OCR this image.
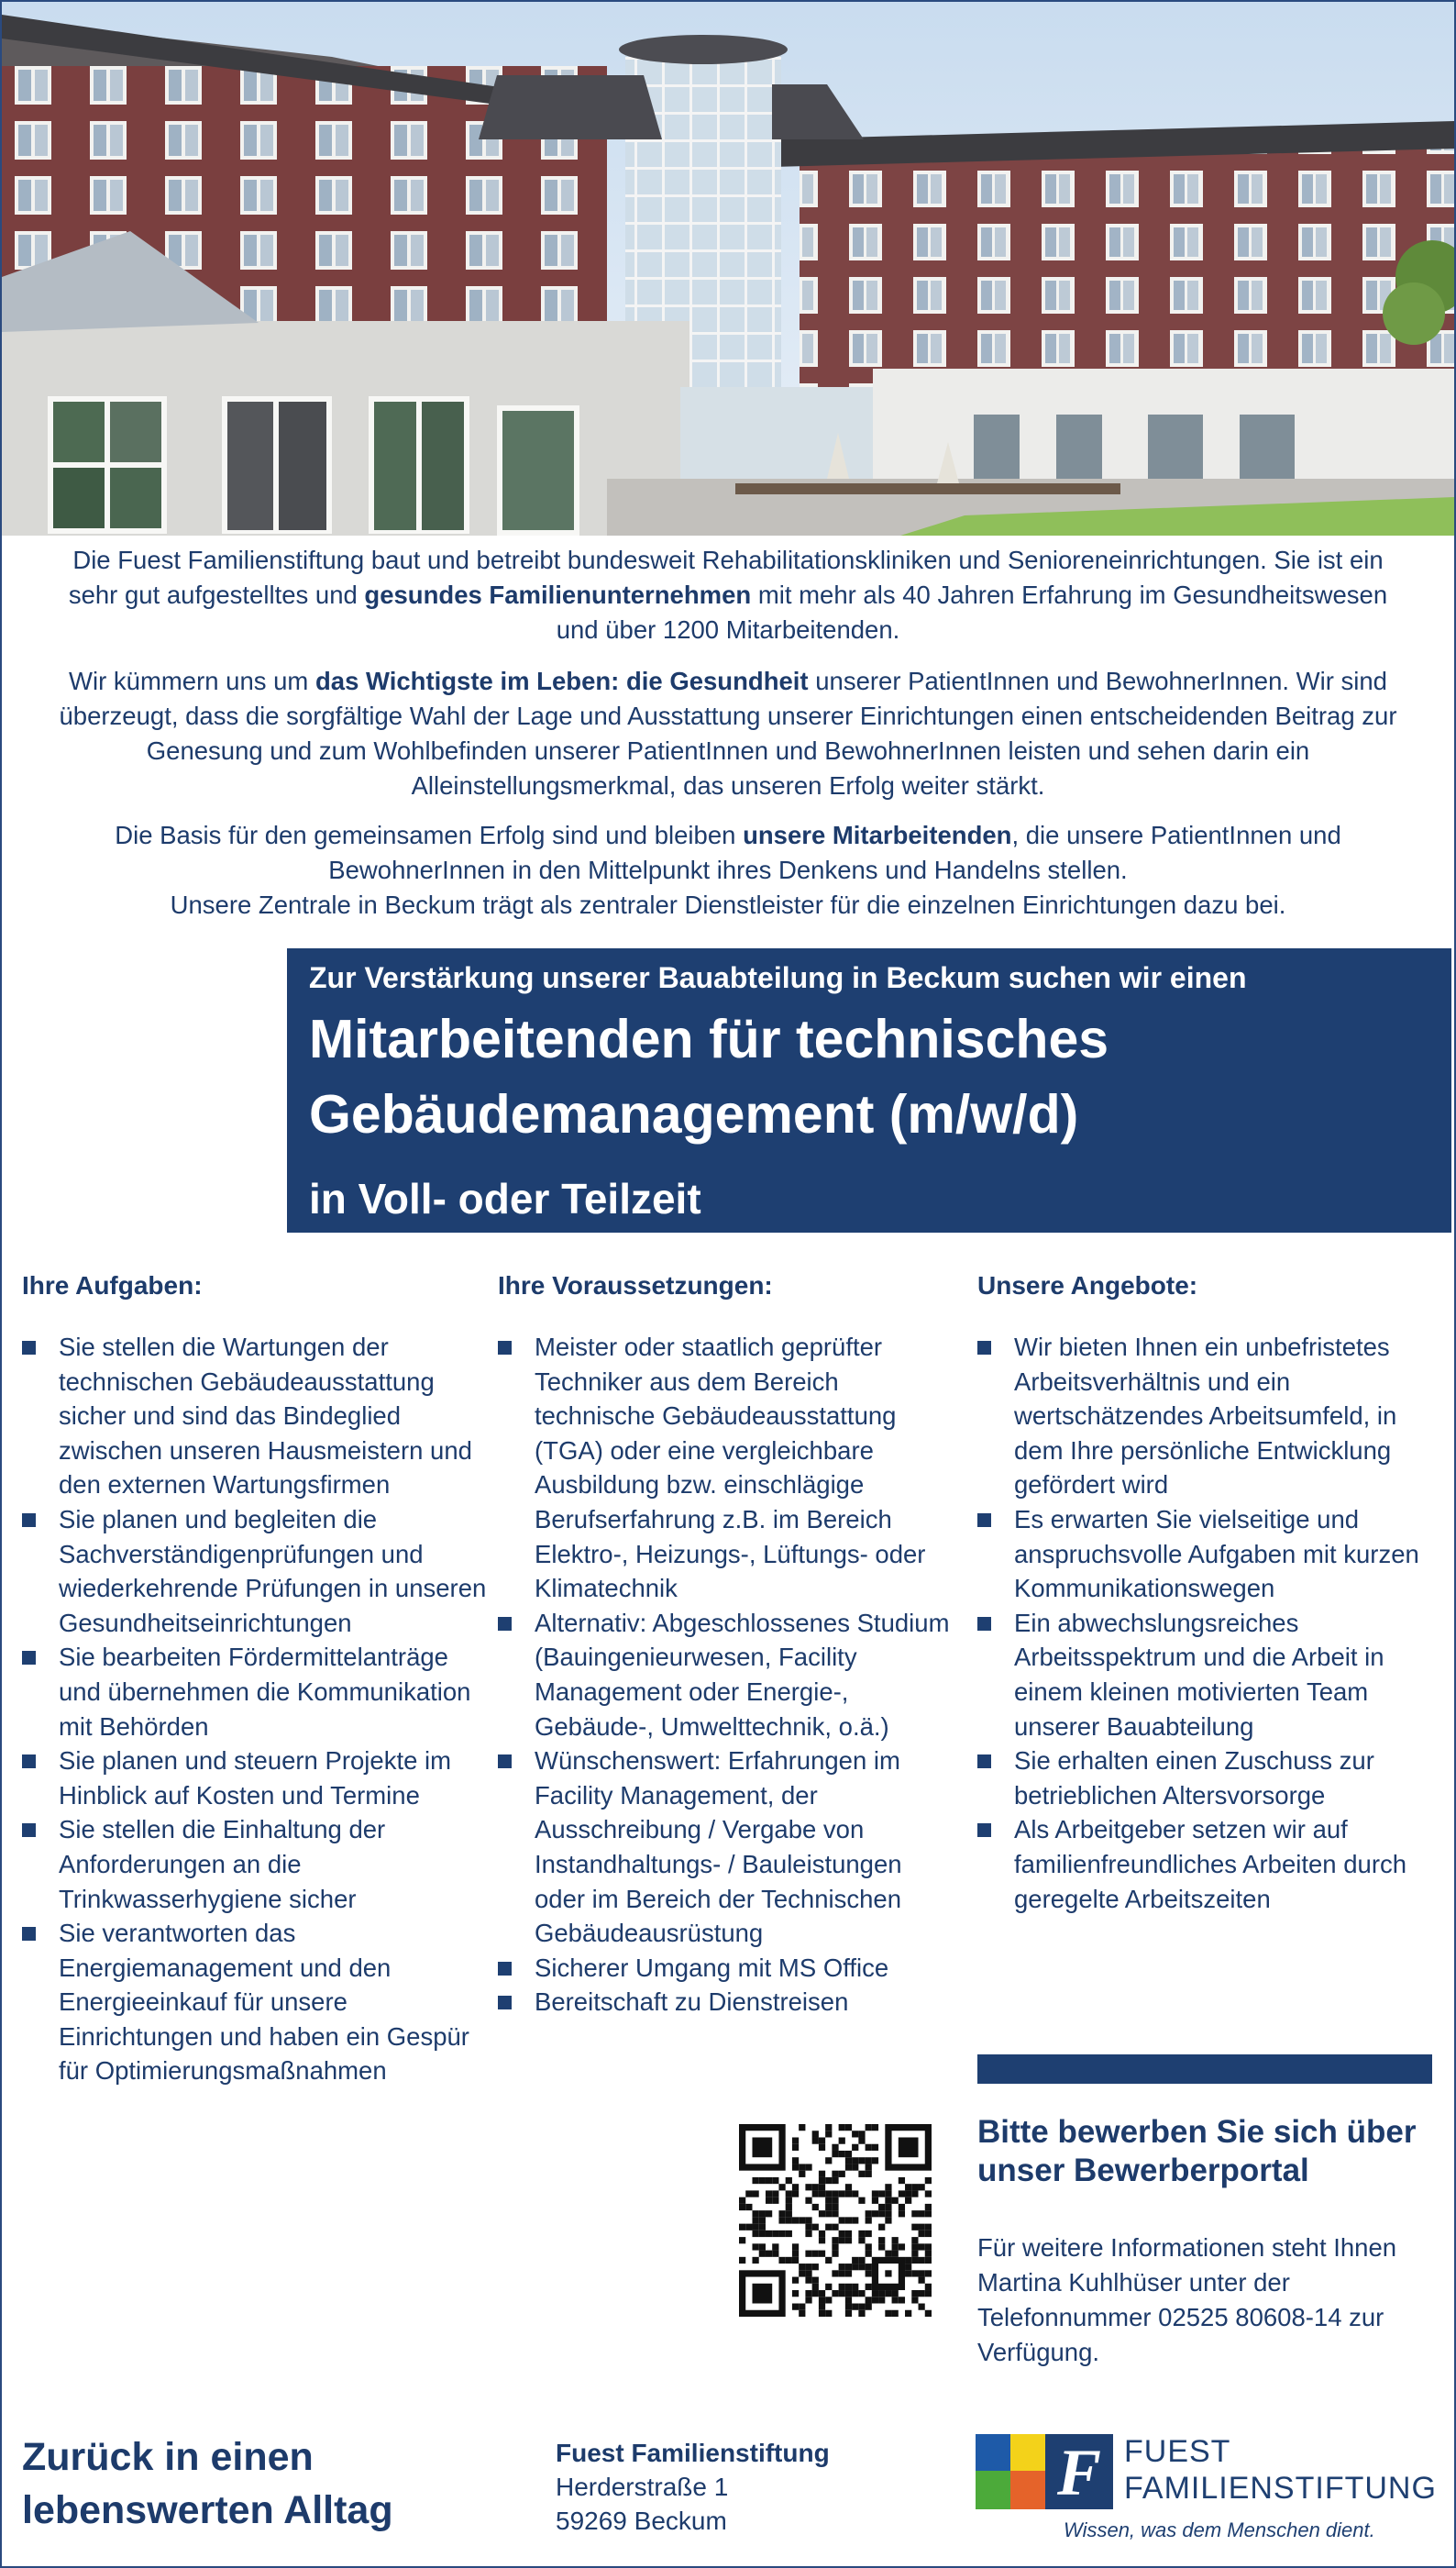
Die Fuest Familienstiftung baut und betreibt bundesweit Rehabilitationskliniken und Senioreneinrichtungen. Sie ist ein sehr gut aufgestelltes und gesundes Familienunternehmen mit mehr als 40 Jahren Erfahrung im Gesundheitswesen und über 1200 Mitarbeitenden.
Wir kümmern uns um das Wichtigste im Leben: die Gesundheit unserer PatientInnen und BewohnerInnen. Wir sind überzeugt, dass die sorgfältige Wahl der Lage und Ausstattung unserer Einrichtungen einen entscheidenden Beitrag zur Genesung und zum Wohlbefinden unserer PatientInnen und BewohnerInnen leisten und sehen darin ein Alleinstellungsmerkmal, das unseren Erfolg weiter stärkt.
Die Basis für den gemeinsamen Erfolg sind und bleiben unsere Mitarbeitenden, die unsere PatientInnen und BewohnerInnen in den Mittelpunkt ihres Denkens und Handelns stellen.
Unsere Zentrale in Beckum trägt als zentraler Dienstleister für die einzelnen Einrichtungen dazu bei.
Zur Verstärkung unserer Bauabteilung in Beckum suchen wir einen
Mitarbeitenden für technisches
Gebäudemanagement (m/w/d)
in Voll- oder Teilzeit
Ihre Aufgaben:
Sie stellen die Wartungen der technischen Gebäudeausstattung sicher und sind das Bindeglied zwischen unseren Hausmeistern und den externen Wartungsfirmen
Sie planen und begleiten die Sachverständigenprüfungen und wiederkehrende Prüfungen in unseren Gesundheitseinrichtungen
Sie bearbeiten Fördermittelanträge und übernehmen die Kommunikation mit Behörden
Sie planen und steuern Projekte im Hinblick auf Kosten und Termine
Sie stellen die Einhaltung der Anforderungen an die Trinkwasserhygiene sicher
Sie verantworten das Energiemanagement und den Energieeinkauf für unsere Einrichtungen und haben ein Gespür für Optimierungsmaßnahmen
Ihre Voraussetzungen:
Meister oder staatlich geprüfter Techniker aus dem Bereich technische Gebäudeausstattung (TGA) oder eine vergleichbare Ausbildung bzw. einschlägige Berufserfahrung z.B. im Bereich Elektro-, Heizungs-, Lüftungs- oder Klimatechnik
Alternativ: Abgeschlossenes Studium (Bauingenieurwesen, Facility Management oder Energie-, Gebäude-, Umwelttechnik, o.ä.)
Wünschenswert: Erfahrungen im Facility Management, der Ausschreibung / Vergabe von Instandhaltungs- / Bauleistungen oder im Bereich der Technischen Gebäudeausrüstung
Sicherer Umgang mit MS Office
Bereitschaft zu Dienstreisen
Unsere Angebote:
Wir bieten Ihnen ein unbefristetes Arbeitsverhältnis und ein wertschätzendes Arbeitsumfeld, in dem Ihre persönliche Entwicklung gefördert wird
Es erwarten Sie vielseitige und anspruchsvolle Aufgaben mit kurzen Kommunikationswegen
Ein abwechslungsreiches Arbeitsspektrum und die Arbeit in einem kleinen motivierten Team unserer Bauabteilung
Sie erhalten einen Zuschuss zur betrieblichen Altersvorsorge
Als Arbeitgeber setzen wir auf familienfreundliches Arbeiten durch geregelte Arbeitszeiten
Bitte bewerben Sie sich über unser Bewerberportal
Für weitere Informationen steht Ihnen Martina Kuhlhüser unter der Telefonnummer 02525 80608-14 zur Verfügung.
Zurück in einen
lebenswerten Alltag
Fuest Familienstiftung
Herderstraße 1
59269 Beckum
F FUEST
FAMILIENSTIFTUNG
Wissen, was dem Menschen dient.
